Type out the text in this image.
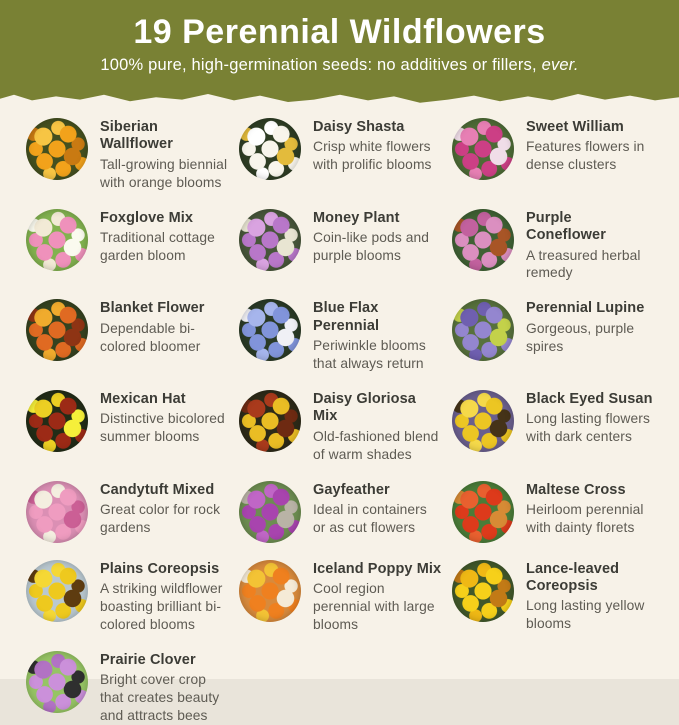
19 Perennial Wildflowers

100% pure, high-germination seeds: no additives or fillers, ever.

Siberian Wallflower
Tall-growing biennial with orange blooms
Daisy Shasta
Crisp white flowers with prolific blooms
Sweet William
Features flowers in dense clusters
Foxglove Mix
Traditional cottage garden bloom
Money Plant
Coin-like pods and purple blooms
Purple Coneflower
A treasured herbal remedy
Blanket Flower
Dependable bi-colored bloomer
Blue Flax Perennial
Periwinkle blooms that always return
Perennial Lupine
Gorgeous, purple spires
Mexican Hat
Distinctive bicolored summer blooms
Daisy Gloriosa Mix
Old-fashioned blend of warm shades
Black Eyed Susan
Long lasting flowers with dark centers
Candytuft Mixed
Great color for rock gardens
Gayfeather
Ideal in containers or as cut flowers
Maltese Cross
Heirloom perennial with dainty florets
Plains Coreopsis
A striking wildflower boasting brilliant bi-colored blooms
Iceland Poppy Mix
Cool region perennial with large blooms
Lance-leaved Coreopsis
Long lasting yellow blooms
Prairie Clover
Bright cover crop that creates beauty and attracts bees
